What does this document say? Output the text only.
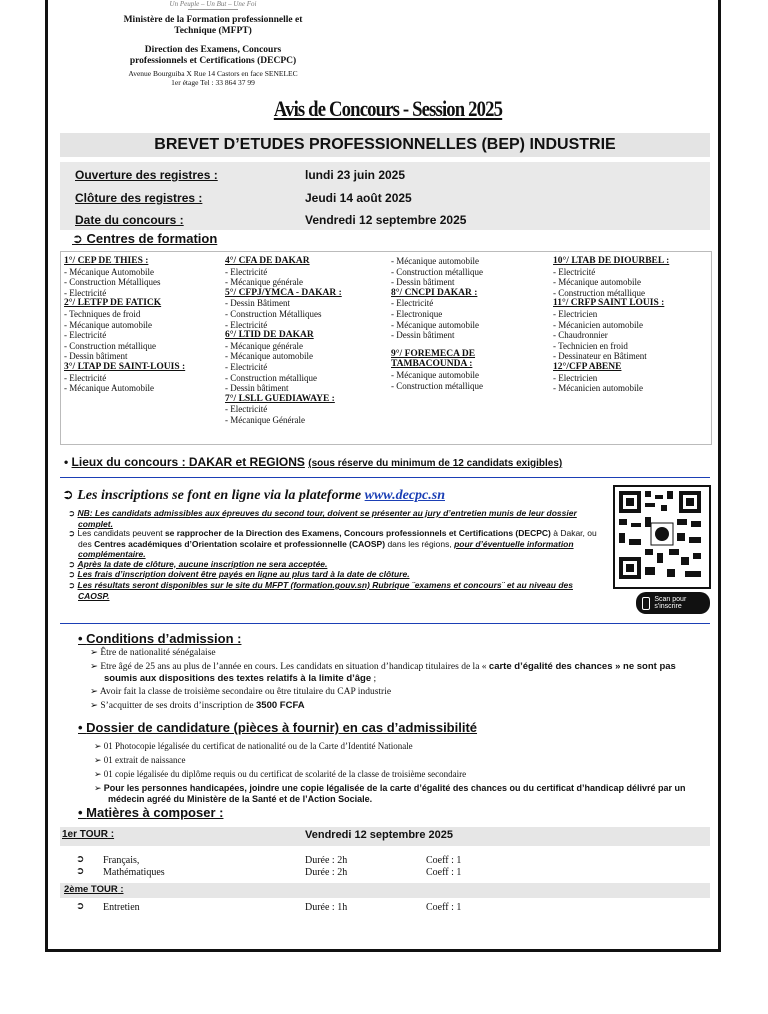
Un Peuple – Un But – Une Foi
Ministère de la Formation professionnelle et
Technique (MFPT)
Direction des Examens, Concours
professionnels et Certifications (DECPC)
Avenue Bourguiba X Rue 14 Castors en face SENELEC
1er étage Tel : 33 864 37 99
Avis de Concours - Session 2025
BREVET D’ETUDES PROFESSIONNELLES (BEP) INDUSTRIE
Ouverture des registres :	lundi 23 juin 2025
Clôture des registres :	Jeudi 14 août 2025
Date du concours :	Vendredi 12 septembre 2025
➲ Centres de formation
1°/ CEP DE THIES :
- Mécanique Automobile
- Construction Métalliques
- Electricité
2°/ LETFP DE FATICK
- Techniques de froid
- Mécanique automobile
- Electricité
- Construction métallique
- Dessin bâtiment
3°/ LTAP DE SAINT-LOUIS :
- Electricité
- Mécanique Automobile
4°/ CFA DE DAKAR
- Electricité
- Mécanique générale
5°/ CFPJ/YMCA - DAKAR :
- Dessin Bâtiment
- Construction Métalliques
- Electricité
6°/ LTID DE DAKAR
- Mécanique générale
- Mécanique automobile
- Electricité
- Construction métallique
- Dessin bâtiment
7°/ LSLL GUEDIAWAYE :
- Electricité
- Mécanique Générale
- Mécanique automobile
- Construction métallique
- Dessin bâtiment
8°/ CNCPI DAKAR :
- Electricité
- Electronique
- Mécanique automobile
- Dessin bâtiment
9°/ FOREMECA DE
TAMBACOUNDA :
- Mécanique automobile
- Construction métallique
10°/ LTAB DE DIOURBEL :
- Electricité
- Mécanique automobile
- Construction métallique
11°/ CRFP SAINT LOUIS :
- Electricien
- Mécanicien automobile
- Chaudronnier
- Technicien en froid
- Dessinateur en Bâtiment
12°/CFP ABENE
- Electricien
- Mécanicien automobile
• Lieux du concours : DAKAR et REGIONS (sous réserve du minimum de 12 candidats exigibles)
➲ Les inscriptions se font en ligne via la plateforme www.decpc.sn
➲ NB: Les candidats admissibles aux épreuves du second tour, doivent se présenter au jury d’entretien munis de leur dossier complet.
➲ Les candidats peuvent se rapprocher de la Direction des Examens, Concours professionnels et Certifications (DECPC) à Dakar, ou des Centres académiques d’Orientation scolaire et professionnelle (CAOSP) dans les régions, pour d’éventuelle information complémentaire.
➲ Après la date de clôture, aucune inscription ne sera acceptée.
➲ Les frais d’inscription doivent être payés en ligne au plus tard à la date de clôture.
➲ Les résultats seront disponibles sur le site du MFPT (formation.gouv.sn) Rubrique ¨examens et concours¨ et au niveau des CAOSP.	Scan pour s'inscrire
• Conditions d’admission :
➢ Être de nationalité sénégalaise
➢ Etre âgé de 25 ans au plus de l’année en cours. Les candidats en situation d’handicap titulaires de la « carte d’égalité des chances » ne sont pas soumis aux dispositions des textes relatifs à la limite d’âge ;
➢ Avoir fait la classe de troisième secondaire ou être titulaire du CAP industrie
➢ S’acquitter de ses droits d’inscription de 3500 FCFA
• Dossier de candidature (pièces à fournir) en cas d’admissibilité
➢ 01 Photocopie légalisée du certificat de nationalité ou de la Carte d’Identité Nationale
➢ 01 extrait de naissance
➢ 01 copie légalisée du diplôme requis ou du certificat de scolarité de la classe de troisième secondaire
➢ Pour les personnes handicapées, joindre une copie légalisée de la carte d’égalité des chances ou du certificat d’handicap délivré par un médecin agréé du Ministère de la Santé et de l’Action Sociale.
• Matières à composer :
1er TOUR :	Vendredi 12 septembre 2025
➲ Français,	Durée : 2h	Coeff : 1
➲ Mathématiques	Durée : 2h	Coeff : 1
2ème TOUR :
➲ Entretien	Durée : 1h	Coeff : 1
